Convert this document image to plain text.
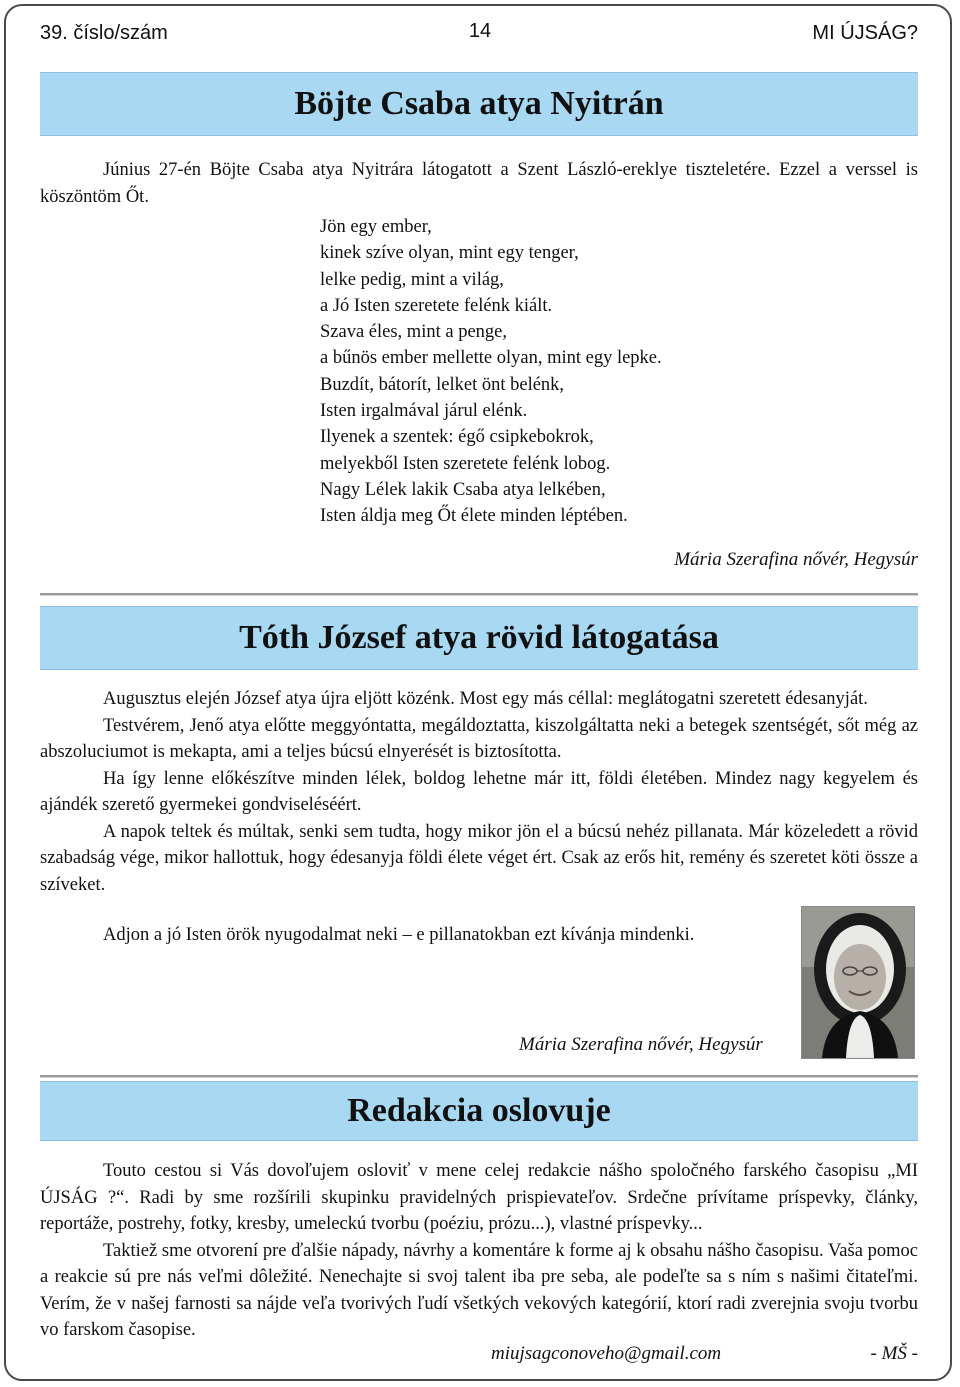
39. číslo/szám	14	MI ÚJSÁG?
Böjte Csaba atya Nyitrán

Június 27-én Böjte Csaba atya Nyitrára látogatott a Szent László-ereklye tiszteletére. Ezzel a verssel is köszöntöm Őt.

Jön egy ember,
kinek szíve olyan, mint egy tenger,
lelke pedig, mint a világ,
a Jó Isten szeretete felénk kiált.
Szava éles, mint a penge,
a bűnös ember mellette olyan, mint egy lepke.
Buzdít, bátorít, lelket önt belénk,
Isten irgalmával járul elénk.
Ilyenek a szentek: égő csipkebokrok,
melyekből Isten szeretete felénk lobog.
Nagy Lélek lakik Csaba atya lelkében,
Isten áldja meg Őt élete minden léptében.
Mária Szerafina nővér, Hegysúr
Tóth József atya rövid látogatása

Augusztus elején József atya újra eljött közénk. Most egy más céllal: meglátogatni szeretett édesanyját.

Testvérem, Jenő atya előtte meggyóntatta, megáldoztatta, kiszolgáltatta neki a betegek szentségét, sőt még az abszoluciumot is mekapta, ami a teljes búcsú elnyerését is biztosította.

Ha így lenne előkészítve minden lélek, boldog lehetne már itt, földi életében. Mindez nagy kegyelem és ajándék szerető gyermekei gondviseléséért.

A napok teltek és múltak, senki sem tudta, hogy mikor jön el a búcsú nehéz pillanata. Már közeledett a rövid szabadság vége, mikor hallottuk, hogy édesanyja földi élete véget ért. Csak az erős hit, remény és szeretet köti össze a szíveket.

Adjon a jó Isten örök nyugodalmat neki – e pillanatokban ezt kívánja mindenki.

Mária Szerafina nővér, Hegysúr
Redakcia oslovuje

Touto cestou si Vás dovoľujem osloviť v mene celej redakcie nášho spoločného farského časopisu „MI ÚJSÁG ?“. Radi by sme rozšírili skupinku pravidelných prispievateľov. Srdečne prívítame príspevky, články, reportáže, postrehy, fotky, kresby, umeleckú tvorbu (poéziu, prózu...), vlastné príspevky...

Taktiež sme otvorení pre ďalšie nápady, návrhy a komentáre k forme aj k obsahu nášho časopisu. Vaša pomoc a reakcie sú pre nás veľmi dôležité. Nenechajte si svoj talent iba pre seba, ale podeľte sa s ním s našimi čitateľmi. Verím, že v našej farnosti sa nájde veľa tvorivých ľudí všetkých vekových kategórií, ktorí radi zverejnia svoju tvorbu vo farskom časopise.

miujsagconoveho@gmail.com	- MŠ -
